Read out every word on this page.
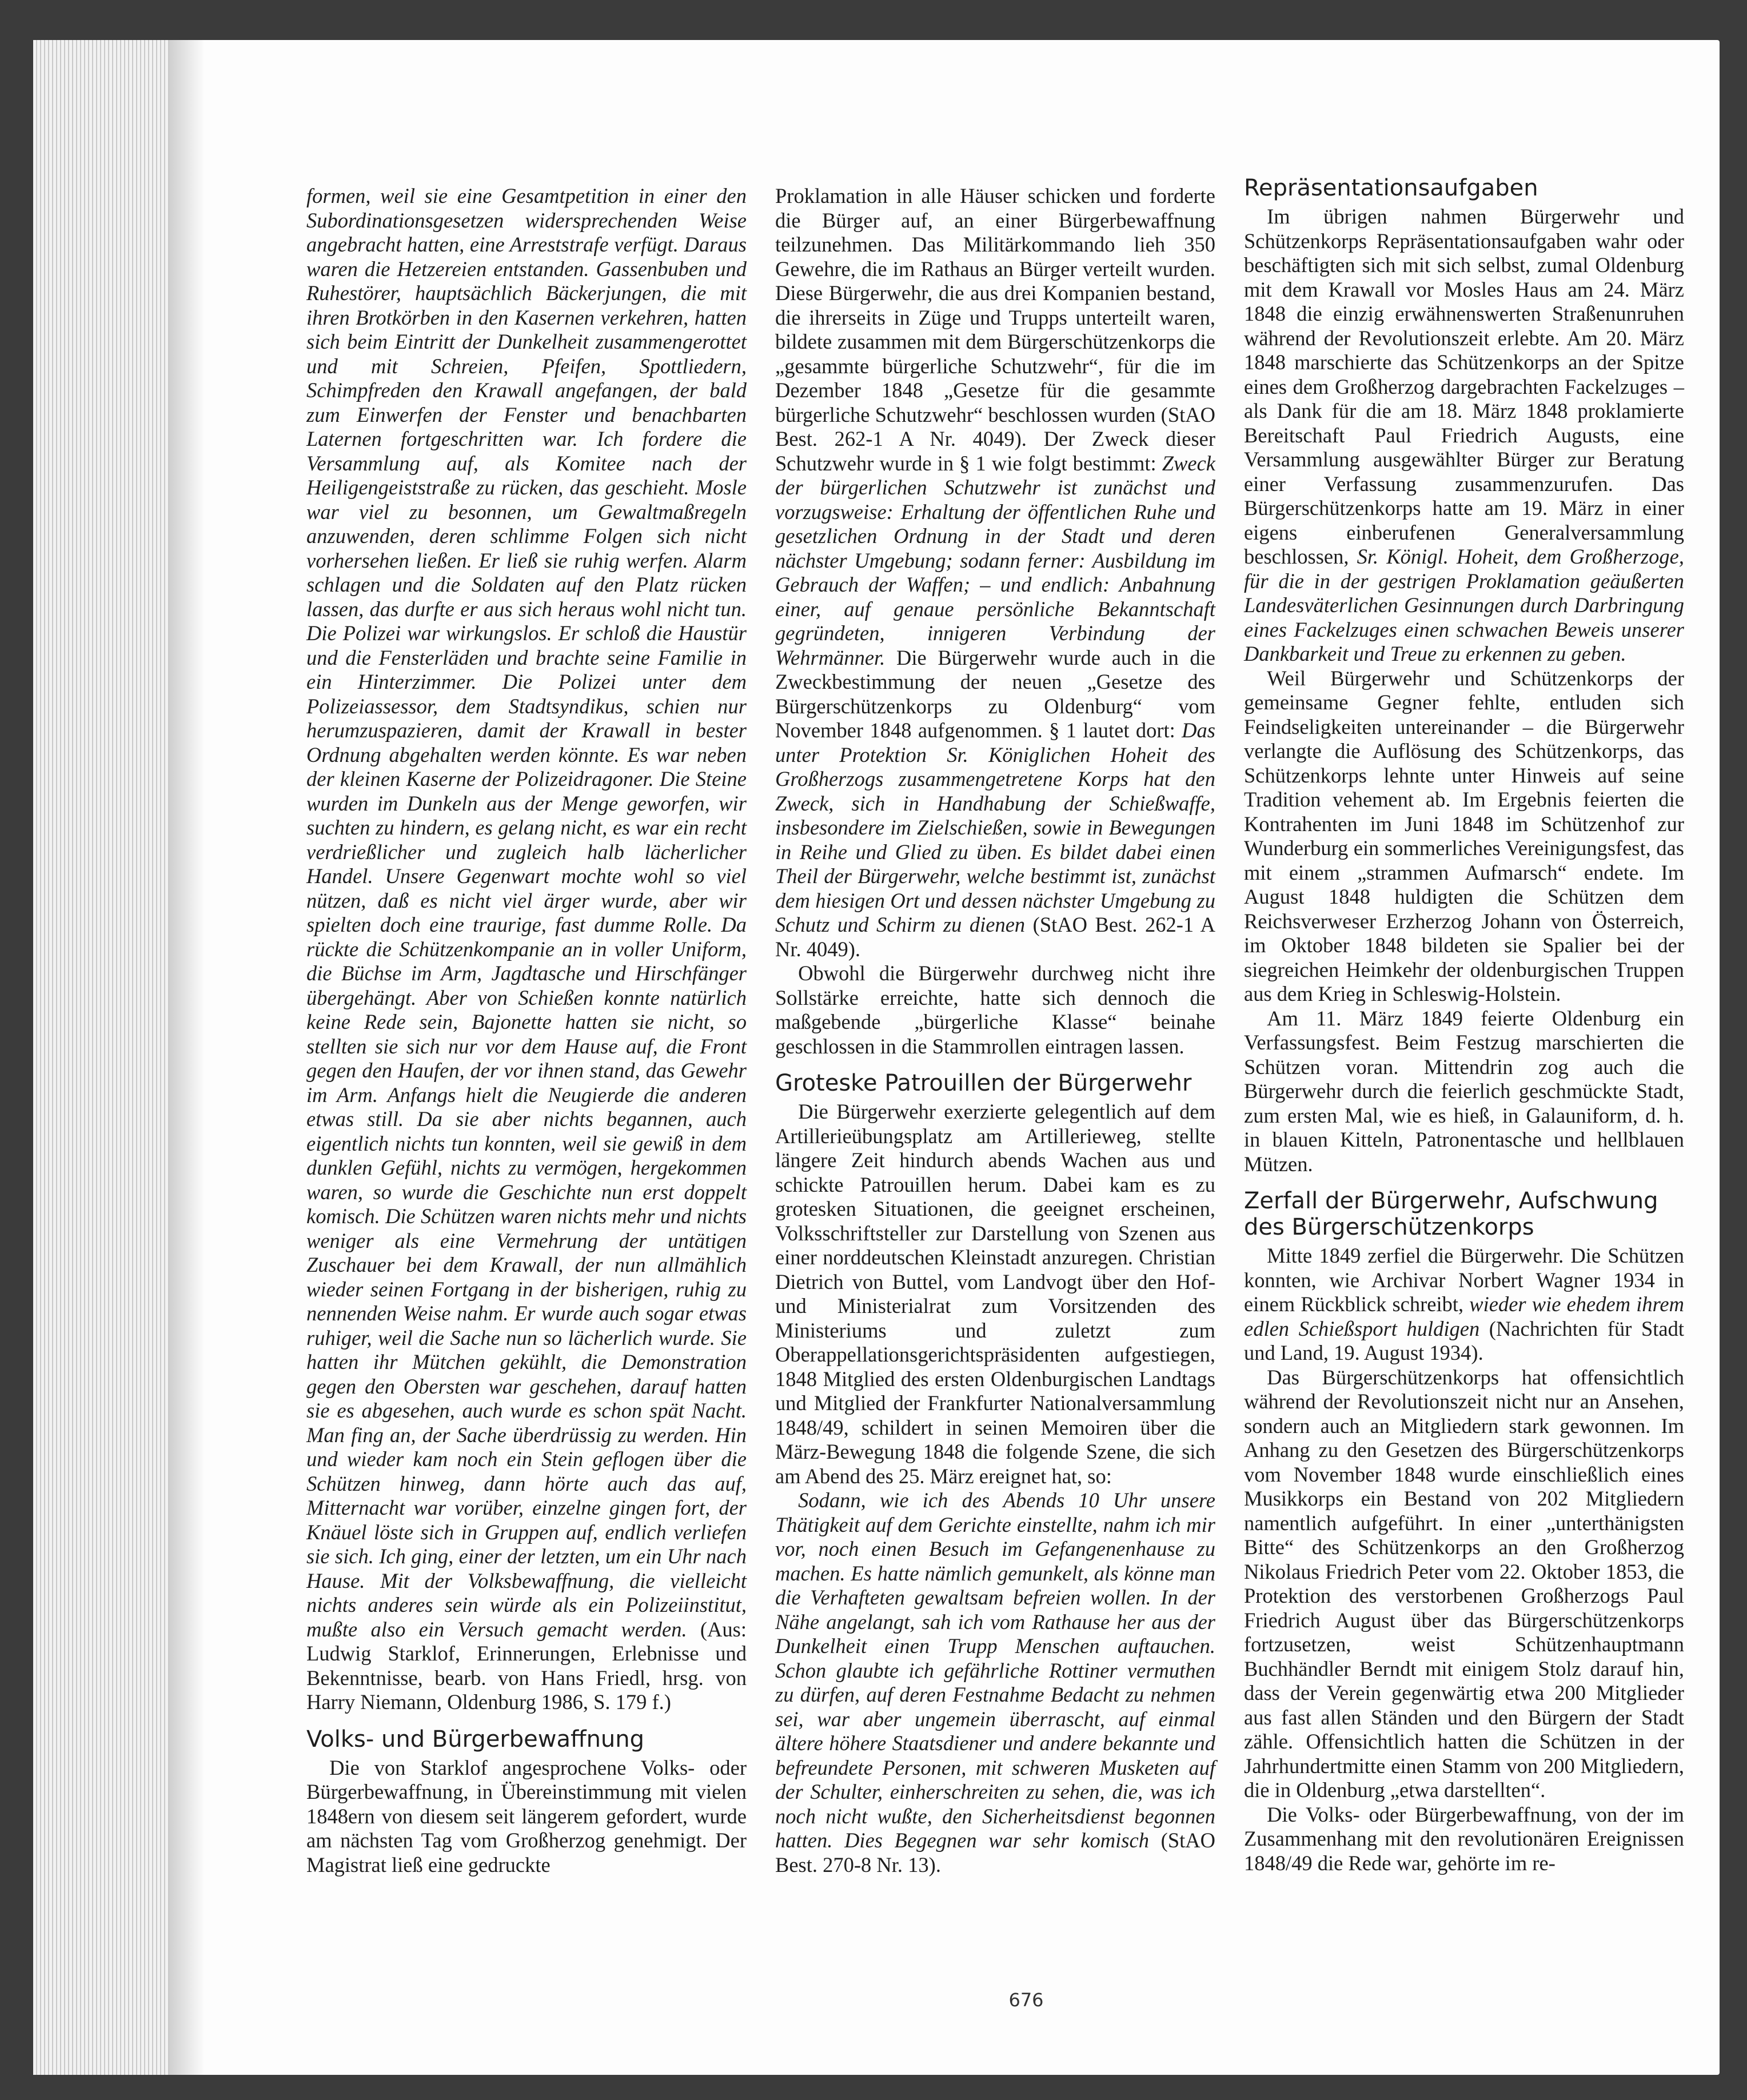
formen, weil sie eine Gesamtpetition in einer den Subordinationsgesetzen widersprechenden Weise angebracht hatten, eine Arreststrafe verfügt. Daraus waren die Hetzereien entstanden. Gassenbuben und Ruhestörer, hauptsächlich Bäckerjungen, die mit ihren Brotkörben in den Kasernen verkehren, hatten sich beim Eintritt der Dunkelheit zusammengerottet und mit Schreien, Pfeifen, Spottliedern, Schimpfreden den Krawall angefangen, der bald zum Einwerfen der Fenster und benachbarten Laternen fortgeschritten war. Ich fordere die Versammlung auf, als Komitee nach der Heiligengeiststraße zu rücken, das geschieht. Mosle war viel zu besonnen, um Gewaltmaßregeln anzuwenden, deren schlimme Folgen sich nicht vorhersehen ließen. Er ließ sie ruhig werfen. Alarm schlagen und die Soldaten auf den Platz rücken lassen, das durfte er aus sich heraus wohl nicht tun. Die Polizei war wirkungslos. Er schloß die Haustür und die Fensterläden und brachte seine Familie in ein Hinterzimmer. Die Polizei unter dem Polizeiassessor, dem Stadtsyndikus, schien nur herumzuspazieren, damit der Krawall in bester Ordnung abgehalten werden könnte. Es war neben der kleinen Kaserne der Polizeidragoner. Die Steine wurden im Dunkeln aus der Menge geworfen, wir suchten zu hindern, es gelang nicht, es war ein recht verdrießlicher und zugleich halb lächerlicher Handel. Unsere Gegenwart mochte wohl so viel nützen, daß es nicht viel ärger wurde, aber wir spielten doch eine traurige, fast dumme Rolle. Da rückte die Schützenkompanie an in voller Uniform, die Büchse im Arm, Jagdtasche und Hirschfänger übergehängt. Aber von Schießen konnte natürlich keine Rede sein, Bajonette hatten sie nicht, so stellten sie sich nur vor dem Hause auf, die Front gegen den Haufen, der vor ihnen stand, das Gewehr im Arm. Anfangs hielt die Neugierde die anderen etwas still. Da sie aber nichts begannen, auch eigentlich nichts tun konnten, weil sie gewiß in dem dunklen Gefühl, nichts zu vermögen, hergekommen waren, so wurde die Geschichte nun erst doppelt komisch. Die Schützen waren nichts mehr und nichts weniger als eine Vermehrung der untätigen Zuschauer bei dem Krawall, der nun allmählich wieder seinen Fortgang in der bisherigen, ruhig zu nennenden Weise nahm. Er wurde auch sogar etwas ruhiger, weil die Sache nun so lächerlich wurde. Sie hatten ihr Mütchen gekühlt, die Demonstration gegen den Obersten war geschehen, darauf hatten sie es abgesehen, auch wurde es schon spät Nacht. Man fing an, der Sache überdrüssig zu werden. Hin und wieder kam noch ein Stein geflogen über die Schützen hinweg, dann hörte auch das auf, Mitternacht war vorüber, einzelne gingen fort, der Knäuel löste sich in Gruppen auf, endlich verliefen sie sich. Ich ging, einer der letzten, um ein Uhr nach Hause. Mit der Volksbewaffnung, die vielleicht nichts anderes sein würde als ein Polizeiinstitut, mußte also ein Versuch gemacht werden. (Aus: Ludwig Starklof, Erinnerungen, Erlebnisse und Bekenntnisse, bearb. von Hans Friedl, hrsg. von Harry Niemann, Oldenburg 1986, S. 179 f.)

Volks- und Bürgerbewaffnung

Die von Starklof angesprochene Volks- oder Bürgerbewaffnung, in Übereinstimmung mit vielen 1848ern von diesem seit längerem gefordert, wurde am nächsten Tag vom Großherzog genehmigt. Der Magistrat ließ eine gedruckte

Proklamation in alle Häuser schicken und forderte die Bürger auf, an einer Bürgerbewaffnung teilzunehmen. Das Militärkommando lieh 350 Gewehre, die im Rathaus an Bürger verteilt wurden. Diese Bürgerwehr, die aus drei Kompanien bestand, die ihrerseits in Züge und Trupps unterteilt waren, bildete zusammen mit dem Bürgerschützenkorps die „gesammte bürgerliche Schutzwehr“, für die im Dezember 1848 „Gesetze für die gesammte bürgerliche Schutzwehr“ beschlossen wurden (StAO Best. 262-1 A Nr. 4049). Der Zweck dieser Schutzwehr wurde in § 1 wie folgt bestimmt: Zweck der bürgerlichen Schutzwehr ist zunächst und vorzugsweise: Erhaltung der öffentlichen Ruhe und gesetzlichen Ordnung in der Stadt und deren nächster Umgebung; sodann ferner: Ausbildung im Gebrauch der Waffen; – und endlich: Anbahnung einer, auf genaue persönliche Bekanntschaft gegründeten, innigeren Verbindung der Wehrmänner. Die Bürgerwehr wurde auch in die Zweckbestimmung der neuen „Gesetze des Bürgerschützenkorps zu Oldenburg“ vom November 1848 aufgenommen. § 1 lautet dort: Das unter Protektion Sr. Königlichen Hoheit des Großherzogs zusammengetretene Korps hat den Zweck, sich in Handhabung der Schießwaffe, insbesondere im Zielschießen, sowie in Bewegungen in Reihe und Glied zu üben. Es bildet dabei einen Theil der Bürgerwehr, welche bestimmt ist, zunächst dem hiesigen Ort und dessen nächster Umgebung zu Schutz und Schirm zu dienen (StAO Best. 262-1 A Nr. 4049).

Obwohl die Bürgerwehr durchweg nicht ihre Sollstärke erreichte, hatte sich dennoch die maßgebende „bürgerliche Klasse“ beinahe geschlossen in die Stammrollen eintragen lassen.

Groteske Patrouillen der Bürgerwehr

Die Bürgerwehr exerzierte gelegentlich auf dem Artillerieübungsplatz am Artillerieweg, stellte längere Zeit hindurch abends Wachen aus und schickte Patrouillen herum. Dabei kam es zu grotesken Situationen, die geeignet erscheinen, Volksschriftsteller zur Darstellung von Szenen aus einer norddeutschen Kleinstadt anzuregen. Christian Dietrich von Buttel, vom Landvogt über den Hof- und Ministerialrat zum Vorsitzenden des Ministeriums und zuletzt zum Oberappellationsgerichtspräsidenten aufgestiegen, 1848 Mitglied des ersten Oldenburgischen Landtags und Mitglied der Frankfurter Nationalversammlung 1848/49, schildert in seinen Memoiren über die März-Bewegung 1848 die folgende Szene, die sich am Abend des 25. März ereignet hat, so:

Sodann, wie ich des Abends 10 Uhr unsere Thätigkeit auf dem Gerichte einstellte, nahm ich mir vor, noch einen Besuch im Gefangenenhause zu machen. Es hatte nämlich gemunkelt, als könne man die Verhafteten gewaltsam befreien wollen. In der Nähe angelangt, sah ich vom Rathause her aus der Dunkelheit einen Trupp Menschen auftauchen. Schon glaubte ich gefährliche Rottiner vermuthen zu dürfen, auf deren Festnahme Bedacht zu nehmen sei, war aber ungemein überrascht, auf einmal ältere höhere Staatsdiener und andere bekannte und befreundete Personen, mit schweren Musketen auf der Schulter, einherschreiten zu sehen, die, was ich noch nicht wußte, den Sicherheitsdienst begonnen hatten. Dies Begegnen war sehr komisch (StAO Best. 270-8 Nr. 13).

Repräsentationsaufgaben

Im übrigen nahmen Bürgerwehr und Schützenkorps Repräsentationsaufgaben wahr oder beschäftigten sich mit sich selbst, zumal Oldenburg mit dem Krawall vor Mosles Haus am 24. März 1848 die einzig erwähnenswerten Straßenunruhen während der Revolutionszeit erlebte. Am 20. März 1848 marschierte das Schützenkorps an der Spitze eines dem Großherzog dargebrachten Fackelzuges – als Dank für die am 18. März 1848 proklamierte Bereitschaft Paul Friedrich Augusts, eine Versammlung ausgewählter Bürger zur Beratung einer Verfassung zusammenzurufen. Das Bürgerschützenkorps hatte am 19. März in einer eigens einberufenen Generalversammlung beschlossen, Sr. Königl. Hoheit, dem Großherzoge, für die in der gestrigen Proklamation geäußerten Landesväterlichen Gesinnungen durch Darbringung eines Fackelzuges einen schwachen Beweis unserer Dankbarkeit und Treue zu erkennen zu geben.

Weil Bürgerwehr und Schützenkorps der gemeinsame Gegner fehlte, entluden sich Feindseligkeiten untereinander – die Bürgerwehr verlangte die Auflösung des Schützenkorps, das Schützenkorps lehnte unter Hinweis auf seine Tradition vehement ab. Im Ergebnis feierten die Kontrahenten im Juni 1848 im Schützenhof zur Wunderburg ein sommerliches Vereinigungsfest, das mit einem „strammen Aufmarsch“ endete. Im August 1848 huldigten die Schützen dem Reichsverweser Erzherzog Johann von Österreich, im Oktober 1848 bildeten sie Spalier bei der siegreichen Heimkehr der oldenburgischen Truppen aus dem Krieg in Schleswig-Holstein.

Am 11. März 1849 feierte Oldenburg ein Verfassungsfest. Beim Festzug marschierten die Schützen voran. Mittendrin zog auch die Bürgerwehr durch die feierlich geschmückte Stadt, zum ersten Mal, wie es hieß, in Galauniform, d. h. in blauen Kitteln, Patronentasche und hellblauen Mützen.

Zerfall der Bürgerwehr, Aufschwung des Bürgerschützenkorps

Mitte 1849 zerfiel die Bürgerwehr. Die Schützen konnten, wie Archivar Norbert Wagner 1934 in einem Rückblick schreibt, wieder wie ehedem ihrem edlen Schießsport huldigen (Nachrichten für Stadt und Land, 19. August 1934).

Das Bürgerschützenkorps hat offensichtlich während der Revolutionszeit nicht nur an Ansehen, sondern auch an Mitgliedern stark gewonnen. Im Anhang zu den Gesetzen des Bürgerschützenkorps vom November 1848 wurde einschließlich eines Musikkorps ein Bestand von 202 Mitgliedern namentlich aufgeführt. In einer „unterthänigsten Bitte“ des Schützenkorps an den Großherzog Nikolaus Friedrich Peter vom 22. Oktober 1853, die Protektion des verstorbenen Großherzogs Paul Friedrich August über das Bürgerschützenkorps fortzusetzen, weist Schützenhauptmann Buchhändler Berndt mit einigem Stolz darauf hin, dass der Verein gegenwärtig etwa 200 Mitglieder aus fast allen Ständen und den Bürgern der Stadt zähle. Offensichtlich hatten die Schützen in der Jahrhundertmitte einen Stamm von 200 Mitgliedern, die in Oldenburg „etwa darstellten“.

Die Volks- oder Bürgerbewaffnung, von der im Zusammenhang mit den revolutionären Ereignissen 1848/49 die Rede war, gehörte im re-

676
